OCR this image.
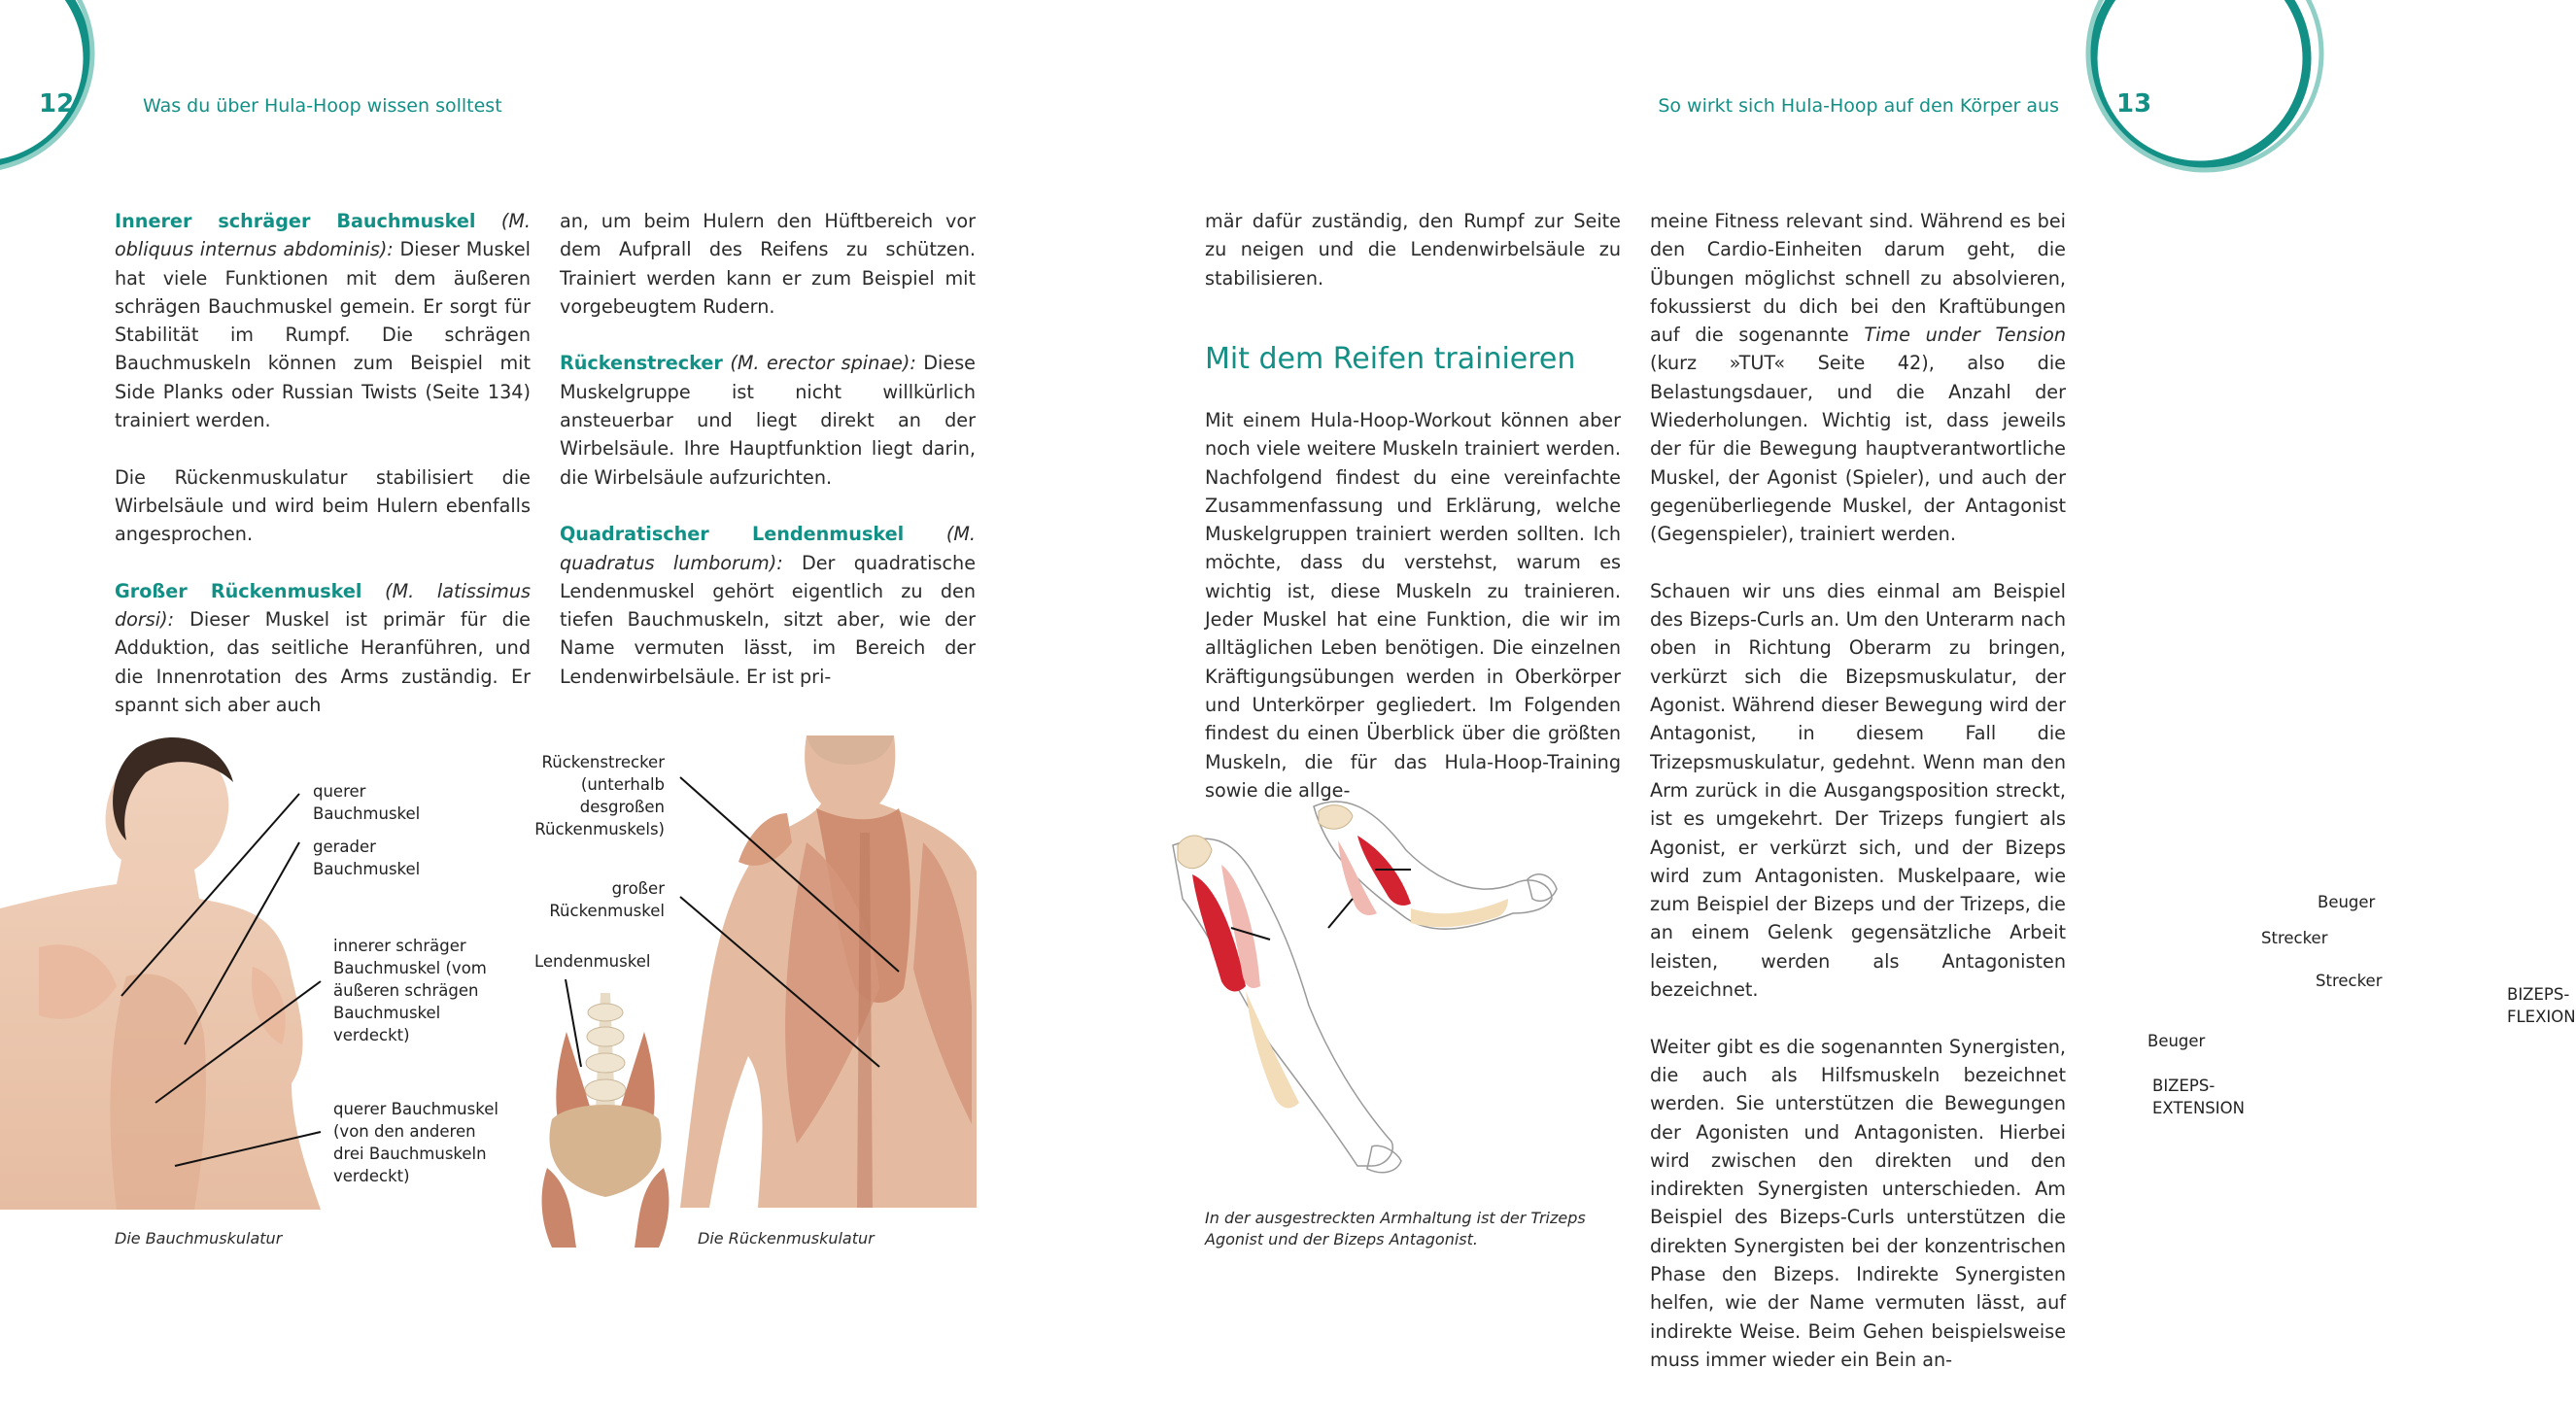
12	Was du über Hula-Hoop wissen solltest

Innerer schräger Bauchmuskel (M. obliquus internus abdominis): Dieser Muskel hat viele Funktionen mit dem äußeren schrägen Bauchmuskel gemein. Er sorgt für Stabilität im Rumpf. Die schrägen Bauchmuskeln können zum Beispiel mit Side Planks oder Russian Twists (Seite 134) trainiert werden.

Die Rückenmuskulatur stabilisiert die Wirbelsäule und wird beim Hulern ebenfalls angesprochen.

Großer Rückenmuskel (M. latissimus dorsi): Dieser Muskel ist primär für die Adduktion, das seitliche Heranführen, und die Innenrotation des Arms zuständig. Er spannt sich aber auch

an, um beim Hulern den Hüftbereich vor dem Aufprall des Reifens zu schützen. Trainiert werden kann er zum Beispiel mit vorgebeugtem Rudern.

Rückenstrecker (M. erector spinae): Diese Muskelgruppe ist nicht willkürlich ansteuerbar und liegt direkt an der Wirbelsäule. Ihre Hauptfunktion liegt darin, die Wirbelsäule aufzurichten.

Quadratischer Lendenmuskel (M. quadratus lumborum): Der quadratische Lendenmuskel gehört eigentlich zu den tiefen Bauchmuskeln, sitzt aber, wie der Name vermuten lässt, im Bereich der Lendenwirbelsäule. Er ist pri-

querer Bauchmuskel
gerader Bauchmuskel
innerer schräger Bauchmuskel (vom äußeren schrägen Bauchmuskel verdeckt)
querer Bauchmuskel (von den anderen drei Bauchmuskeln verdeckt)
Die Bauchmuskulatur
Rückenstrecker (unterhalb desgroßen Rückenmuskels)
großer Rückenmuskel
Lendenmuskel
Die Rückenmuskulatur
13
So wirkt sich Hula-Hoop auf den Körper aus

mär dafür zuständig, den Rumpf zur Seite zu neigen und die Lendenwirbelsäule zu stabilisieren.

Mit dem Reifen trainieren

Mit einem Hula-Hoop-Workout können aber noch viele weitere Muskeln trainiert werden. Nachfolgend findest du eine vereinfachte Zusammenfassung und Erklärung, welche Muskelgruppen trainiert werden sollten. Ich möchte, dass du verstehst, warum es wichtig ist, diese Muskeln zu trainieren. Jeder Muskel hat eine Funktion, die wir im alltäglichen Leben benötigen. Die einzelnen Kräftigungsübungen werden in Oberkörper und Unterkörper gegliedert. Im Folgenden findest du einen Überblick über die größten Muskeln, die für das Hula-Hoop-Training sowie die allge-

meine Fitness relevant sind. Während es bei den Cardio-Einheiten darum geht, die Übungen möglichst schnell zu absolvieren, fokussierst du dich bei den Kraftübungen auf die sogenannte Time under Tension (kurz »TUT« Seite 42), also die Belastungsdauer, und die Anzahl der Wiederholungen. Wichtig ist, dass jeweils der für die Bewegung hauptverantwortliche Muskel, der Agonist (Spieler), und auch der gegenüberliegende Muskel, der Antagonist (Gegenspieler), trainiert werden.

Schauen wir uns dies einmal am Beispiel des Bizeps-Curls an. Um den Unterarm nach oben in Richtung Oberarm zu bringen, verkürzt sich die Bizepsmuskulatur, der Agonist. Während dieser Bewegung wird der Antagonist, in diesem Fall die Trizepsmuskulatur, gedehnt. Wenn man den Arm zurück in die Ausgangsposition streckt, ist es umgekehrt. Der Trizeps fungiert als Agonist, er verkürzt sich, und der Bizeps wird zum Antagonisten. Muskelpaare, wie zum Beispiel der Bizeps und der Trizeps, die an einem Gelenk gegensätzliche Arbeit leisten, werden als Antagonisten bezeichnet.

Weiter gibt es die sogenannten Synergisten, die auch als Hilfsmuskeln bezeichnet werden. Sie unterstützen die Bewegungen der Agonisten und Antagonisten. Hierbei wird zwischen den direkten und den indirekten Synergisten unterschieden. Am Beispiel des Bizeps-Curls unterstützen die direkten Synergisten bei der konzentrischen Phase den Bizeps. Indirekte Synergisten helfen, wie der Name vermuten lässt, auf indirekte Weise. Beim Gehen beispielsweise muss immer wieder ein Bein an-

Beuger
Strecker
Strecker
BIZEPS-
FLEXION
Beuger
BIZEPS-
EXTENSION
In der ausgestreckten Armhaltung ist der Trizeps Agonist und der Bizeps Antagonist.
